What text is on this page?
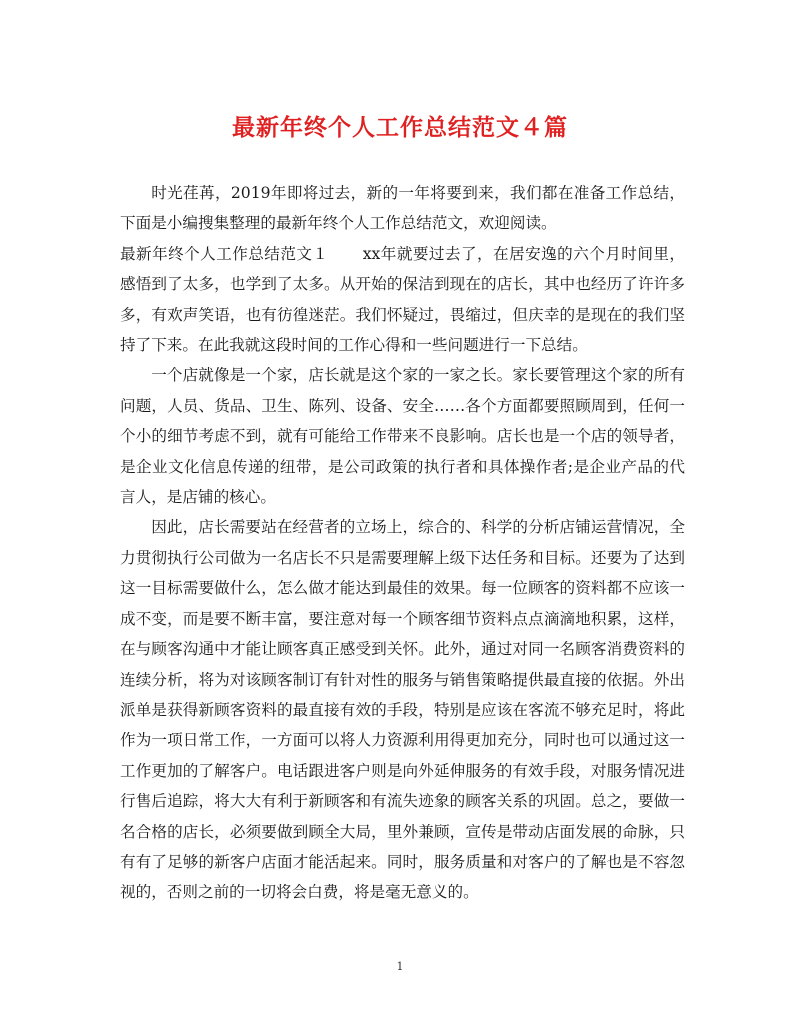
最新年终个人工作总结范文４篇

时光荏苒，2019年即将过去，新的一年将要到来，我们都在准备工作总结，下面是小编搜集整理的最新年终个人工作总结范文，欢迎阅读。

最新年终个人工作总结范文１ xx年就要过去了，在居安逸的六个月时间里，感悟到了太多，也学到了太多。从开始的保洁到现在的店长，其中也经历了许许多多，有欢声笑语，也有彷徨迷茫。我们怀疑过，畏缩过，但庆幸的是现在的我们坚持了下来。在此我就这段时间的工作心得和一些问题进行一下总结。

一个店就像是一个家，店长就是这个家的一家之长。家长要管理这个家的所有问题，人员、货品、卫生、陈列、设备、安全……各个方面都要照顾周到，任何一个小的细节考虑不到，就有可能给工作带来不良影响。店长也是一个店的领导者，是企业文化信息传递的纽带，是公司政策的执行者和具体操作者;是企业产品的代言人，是店铺的核心。

因此，店长需要站在经营者的立场上，综合的、科学的分析店铺运营情况，全力贯彻执行公司做为一名店长不只是需要理解上级下达任务和目标。还要为了达到这一目标需要做什么，怎么做才能达到最佳的效果。每一位顾客的资料都不应该一成不变，而是要不断丰富，要注意对每一个顾客细节资料点点滴滴地积累，这样，在与顾客沟通中才能让顾客真正感受到关怀。此外，通过对同一名顾客消费资料的连续分析，将为对该顾客制订有针对性的服务与销售策略提供最直接的依据。外出派单是获得新顾客资料的最直接有效的手段，特别是应该在客流不够充足时，将此作为一项日常工作，一方面可以将人力资源利用得更加充分，同时也可以通过这一工作更加的了解客户。电话跟进客户则是向外延伸服务的有效手段，对服务情况进行售后追踪，将大大有利于新顾客和有流失迹象的顾客关系的巩固。总之，要做一名合格的店长，必须要做到顾全大局，里外兼顾，宣传是带动店面发展的命脉，只有有了足够的新客户店面才能活起来。同时，服务质量和对客户的了解也是不容忽视的，否则之前的一切将会白费，将是毫无意义的。

1
